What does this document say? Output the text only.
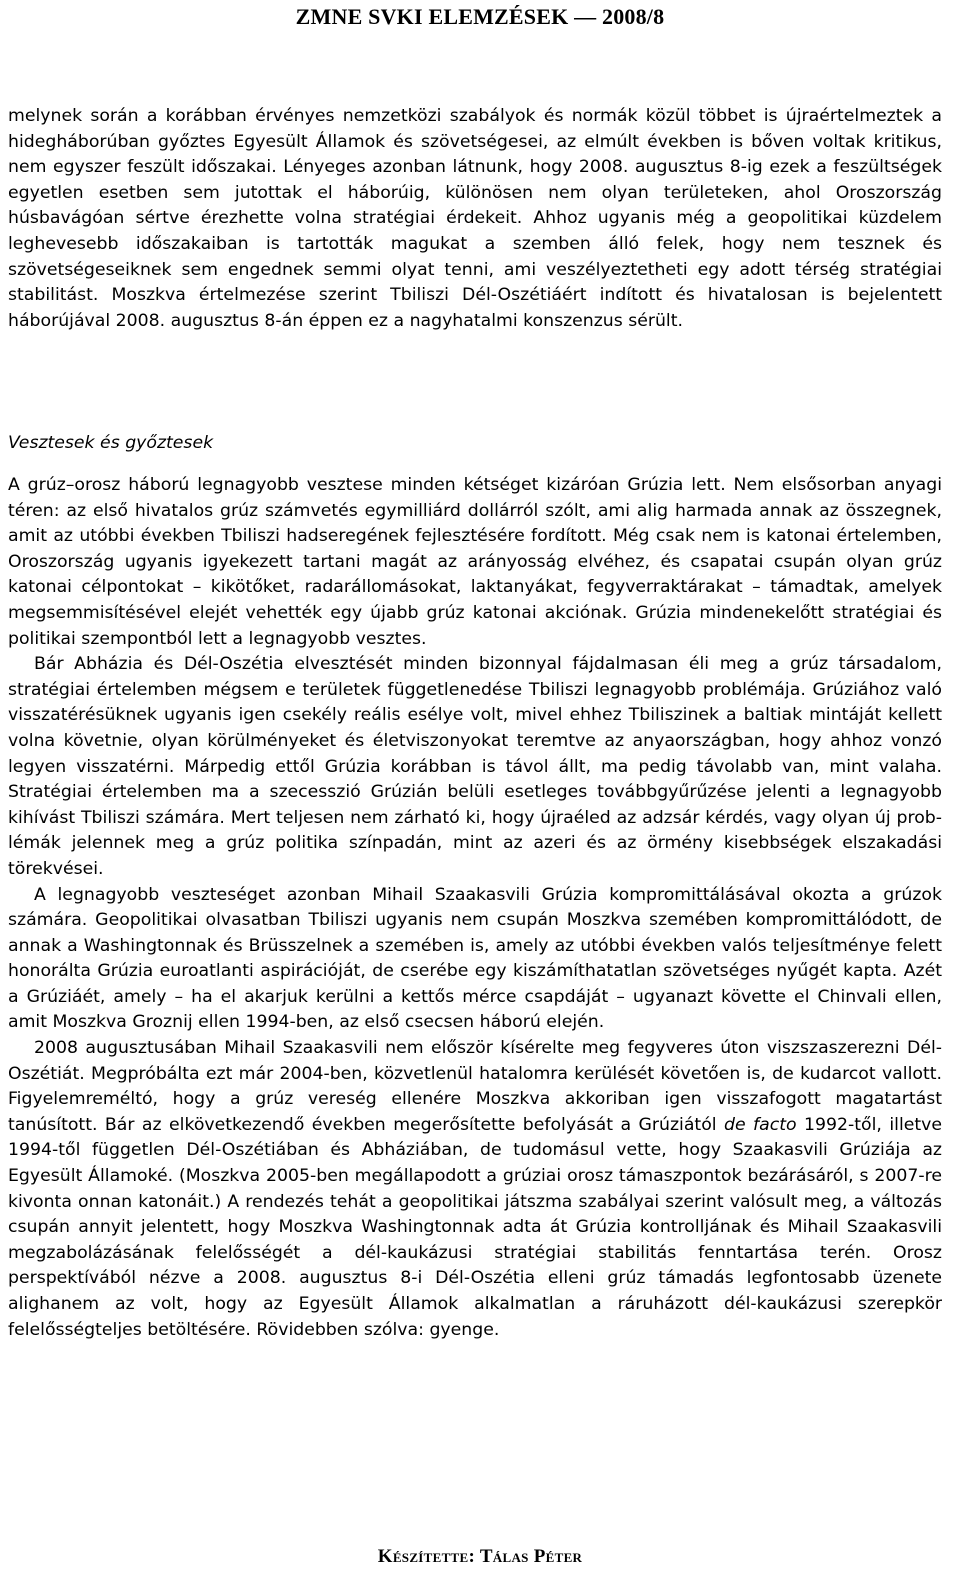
ZMNE SVKI ELEMZÉSEK — 2008/8

melynek során a korábban érvényes nemzetközi szabályok és normák közül többet is újraértelmeztek a hidegháborúban győztes Egyesült Államok és szövetségesei, az elmúlt években is bőven voltak kritikus, nem egyszer feszült időszakai. Lényeges azonban látnunk, hogy 2008. augusztus 8-ig ezek a feszültségek egyetlen esetben sem jutottak el háborúig, különösen nem olyan területeken, ahol Oroszország húsbavágóan sértve érezhette volna stratégiai érdekeit. Ahhoz ugyanis még a geopolitikai küzdelem leghevesebb időszakaiban is tartották magukat a szemben álló felek, hogy nem tesznek és szövetségeseiknek sem engednek semmi olyat tenni, ami veszélyeztetheti egy adott térség stratégiai stabilitást. Moszkva értelmezése szerint Tbiliszi Dél-Oszétiáért indított és hivatalosan is bejelentett háborújával 2008. augusztus 8-án éppen ez a nagyhatalmi konszenzus sérült.

Vesztesek és győztesek

A grúz–orosz háború legnagyobb vesztese minden kétséget kizáróan Grúzia lett. Nem elsősorban anyagi téren: az első hivatalos grúz számvetés egymilliárd dollárról szólt, ami alig harmada annak az összegnek, amit az utóbbi években Tbiliszi hadseregének fejlesztésére fordított. Még csak nem is katonai értelemben, Oroszország ugyanis igyekezett tartani magát az arányosság elvéhez, és csapatai csupán olyan grúz katonai célpontokat – kikötőket, radarállomásokat, laktanyákat, fegyverraktárakat – támadtak, amelyek megsemmisítésével elejét vehették egy újabb grúz katonai akciónak. Grúzia mindenekelőtt stratégiai és politikai szempontból lett a legnagyobb vesztes.

Bár Abházia és Dél-Oszétia elvesztését minden bizonnyal fájdalmasan éli meg a grúz társadalom, stratégiai értelemben mégsem e területek függetlenedése Tbiliszi legnagyobb problémája. Grúziához való visszatérésüknek ugyanis igen csekély reális esélye volt, mivel ehhez Tbiliszinek a baltiak mintáját kellett volna követnie, olyan körülményeket és életviszonyokat teremtve az anyaországban, hogy ahhoz vonzó legyen visszatérni. Márpedig ettől Grúzia korábban is távol állt, ma pedig távolabb van, mint valaha. Stratégiai értelemben ma a szecesszió Grúzián belüli esetleges továbbgyűrűzése jelenti a legnagyobb kihívást Tbiliszi számára. Mert teljesen nem zárható ki, hogy újraéled az adzsár kérdés, vagy olyan új problémák jelennek meg a grúz politika színpadán, mint az azeri és az örmény kisebbségek elszakadási törekvései.

A legnagyobb veszteséget azonban Mihail Szaakasvili Grúzia kompromittálásával okozta a grúzok számára. Geopolitikai olvasatban Tbiliszi ugyanis nem csupán Moszkva szemében kompromittálódott, de annak a Washingtonnak és Brüsszelnek a szemében is, amely az utóbbi években valós teljesítménye felett honorálta Grúzia euroatlanti aspirációját, de cserébe egy kiszámíthatatlan szövetséges nyűgét kapta. Azét a Grúziáét, amely – ha el akarjuk kerülni a kettős mérce csapdáját – ugyanazt követte el Chinvali ellen, amit Moszkva Groznij ellen 1994-ben, az első csecsen háború elején.

2008 augusztusában Mihail Szaakasvili nem először kísérelte meg fegyveres úton viszszaszerezni Dél-Oszétiát. Megpróbálta ezt már 2004-ben, közvetlenül hatalomra kerülését követően is, de kudarcot vallott. Figyelemreméltó, hogy a grúz vereség ellenére Moszkva akkoriban igen visszafogott magatartást tanúsított. Bár az elkövetkezendő években megerősítette befolyását a Grúziától de facto 1992-től, illetve 1994-től független Dél-Oszétiában és Abháziában, de tudomásul vette, hogy Szaakasvili Grúziája az Egyesült Államoké. (Moszkva 2005-ben megállapodott a grúziai orosz támaszpontok bezárásáról, s 2007-re kivonta onnan katonáit.) A rendezés tehát a geopolitikai játszma szabályai szerint valósult meg, a változás csupán annyit jelentett, hogy Moszkva Washingtonnak adta át Grúzia kontrolljának és Mihail Szaakasvili megzabolázásának felelősségét a dél-kaukázusi stratégiai stabilitás fenntartása terén. Orosz perspektívából nézve a 2008. augusztus 8-i Dél-Oszétia elleni grúz támadás legfontosabb üzenete alighanem az volt, hogy az Egyesült Államok alkalmatlan a ráruházott dél-kaukázusi szerepkör felelősségteljes betöltésére. Rövidebben szólva: gyenge.

Készítette: Tálas Péter
